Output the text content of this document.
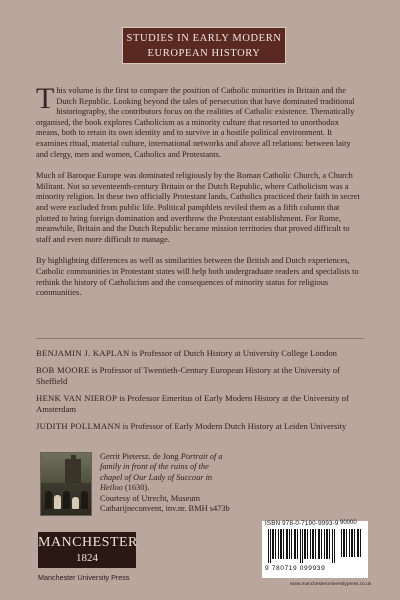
STUDIES IN EARLY MODERN
EUROPEAN HISTORY

This volume is the first to compare the position of Catholic minorities in Britain and the Dutch Republic. Looking beyond the tales of persecution that have dominated traditional historiography, the contributors focus on the realities of Catholic existence. Thematically organised, the book explores Catholicism as a minority culture that resorted to unorthodox means, both to retain its own identity and to survive in a hostile political environment. It examines ritual, material culture, international networks and above all relations: between laity and clergy, men and women, Catholics and Protestants.

Much of Baroque Europe was dominated religiously by the Roman Catholic Church, a Church Militant. Not so seventeenth-century Britain or the Dutch Republic, where Catholicism was a minority religion. In these two officially Protestant lands, Catholics practiced their faith in secret and were excluded from public life. Political pamphlets reviled them as a fifth column that plotted to bring foreign domination and overthrow the Protestant establishment. For Rome, meanwhile, Britain and the Dutch Republic became mission territories that proved difficult to staff and even more difficult to manage.

By highlighting differences as well as similarities between the British and Dutch experiences, Catholic communities in Protestant states will help both undergraduate readers and specialists to rethink the history of Catholicism and the consequences of minority status for religious communities.

BENJAMIN J. KAPLAN is Professor of Dutch History at University College London

BOB MOORE is Professor of Twentieth-Century European History at the University of Sheffield

HENK VAN NIEROP is Professor Emeritus of Early Modern History at the University of Amsterdam

JUDITH POLLMANN is Professor of Early Modern Dutch History at Leiden University

Gerrit Pietersz. de Jong Portrait of a family in front of the ruins of the chapel of Our Lady of Succour in Heiloo (1630).
Courtesy of Utrecht, Museum Catharijneconvent, inv.nr. BMH s473b
MANCHESTER
1824
Manchester University Press
ISBN 978-0-7190-9993-9 90000
9 780719 099939
www.manchesteruniversitypress.co.uk
